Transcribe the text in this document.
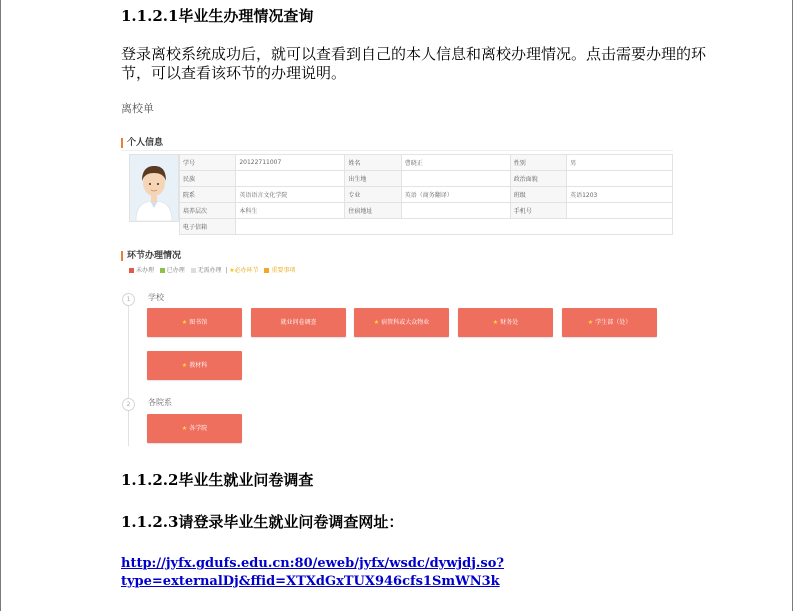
1.1.2.1毕业生办理情况查询
登录离校系统成功后，就可以查看到自己的本人信息和离校办理情况。点击需要办理的环节，可以查看该环节的办理说明。
离校单
个人信息
学号	20122711007	姓名	曹晓正	性别	男
民族		出生地		政治面貌	
院系	英语语言文化学院	专业	英语（商务翻译）	班级	英语1203
培养层次	本科生	住宿地址		手机号	
电子信箱					
环节办理情况
未办理 已办理 无需办理  | ★必办环节 重要事项
1	学校
★ 图书馆	就业问卷调查	★ 宿管科或大众物业	★ 财务处	★ 学生部（处）
★ 教材科
2	各院系
★ 各学院
1.1.2.2毕业生就业问卷调查
1.1.2.3请登录毕业生就业问卷调查网址：
http://jyfx.gdufs.edu.cn:80/eweb/jyfx/wsdc/dywjdj.so?
type=externalDj&ffid=XTXdGxTUX946cfs1SmWN3k
